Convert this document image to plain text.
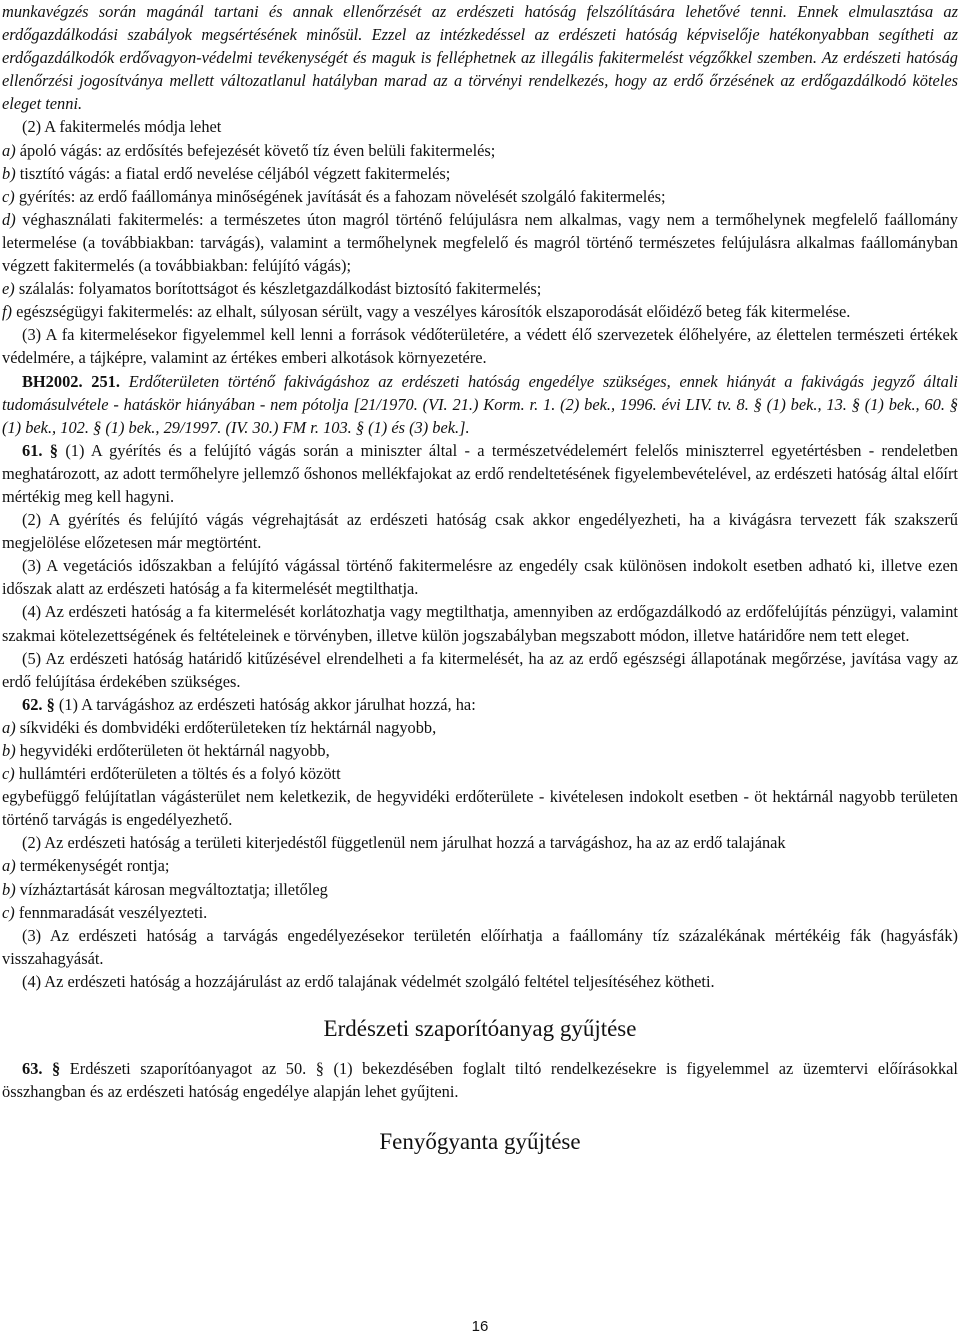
munkavégzés során magánál tartani és annak ellenőrzését az erdészeti hatóság felszólítására lehetővé tenni. Ennek elmulasztása az erdőgazdálkodási szabályok megsértésének minősül. Ezzel az intézkedéssel az erdészeti hatóság képviselője hatékonyabban segítheti az erdőgazdálkodók erdővagyon-védelmi tevékenységét és maguk is felléphetnek az illegális fakitermelést végzőkkel szemben. Az erdészeti hatóság ellenőrzési jogosítványa mellett változatlanul hatályban marad az a törvényi rendelkezés, hogy az erdő őrzésének az erdőgazdálkodó köteles eleget tenni.

(2) A fakitermelés módja lehet

a) ápoló vágás: az erdősítés befejezését követő tíz éven belüli fakitermelés;

b) tisztító vágás: a fiatal erdő nevelése céljából végzett fakitermelés;

c) gyérítés: az erdő faállománya minőségének javítását és a fahozam növelését szolgáló fakitermelés;

d) véghasználati fakitermelés: a természetes úton magról történő felújulásra nem alkalmas, vagy nem a termőhelynek megfelelő faállomány letermelése (a továbbiakban: tarvágás), valamint a termőhelynek megfelelő és magról történő természetes felújulásra alkalmas faállományban végzett fakitermelés (a továbbiakban: felújító vágás);

e) szálalás: folyamatos borítottságot és készletgazdálkodást biztosító fakitermelés;

f) egészségügyi fakitermelés: az elhalt, súlyosan sérült, vagy a veszélyes károsítók elszaporodását előidéző beteg fák kitermelése.

(3) A fa kitermelésekor figyelemmel kell lenni a források védőterületére, a védett élő szervezetek élőhelyére, az élettelen természeti értékek védelmére, a tájképre, valamint az értékes emberi alkotások környezetére.

BH2002. 251. Erdőterületen történő fakivágáshoz az erdészeti hatóság engedélye szükséges, ennek hiányát a fakivágás jegyző általi tudomásulvétele - hatáskör hiányában - nem pótolja [21/1970. (VI. 21.) Korm. r. 1. (2) bek., 1996. évi LIV. tv. 8. § (1) bek., 13. § (1) bek., 60. § (1) bek., 102. § (1) bek., 29/1997. (IV. 30.) FM r. 103. § (1) és (3) bek.].

61. § (1) A gyérítés és a felújító vágás során a miniszter által - a természetvédelemért felelős miniszterrel egyetértésben - rendeletben meghatározott, az adott termőhelyre jellemző őshonos mellékfajokat az erdő rendeltetésének figyelembevételével, az erdészeti hatóság által előírt mértékig meg kell hagyni.

(2) A gyérítés és felújító vágás végrehajtását az erdészeti hatóság csak akkor engedélyezheti, ha a kivágásra tervezett fák szakszerű megjelölése előzetesen már megtörtént.

(3) A vegetációs időszakban a felújító vágással történő fakitermelésre az engedély csak különösen indokolt esetben adható ki, illetve ezen időszak alatt az erdészeti hatóság a fa kitermelését megtilthatja.

(4) Az erdészeti hatóság a fa kitermelését korlátozhatja vagy megtilthatja, amennyiben az erdőgazdálkodó az erdőfelújítás pénzügyi, valamint szakmai kötelezettségének és feltételeinek e törvényben, illetve külön jogszabályban megszabott módon, illetve határidőre nem tett eleget.

(5) Az erdészeti hatóság határidő kitűzésével elrendelheti a fa kitermelését, ha az az erdő egészségi állapotának megőrzése, javítása vagy az erdő felújítása érdekében szükséges.

62. § (1) A tarvágáshoz az erdészeti hatóság akkor járulhat hozzá, ha:

a) síkvidéki és dombvidéki erdőterületeken tíz hektárnál nagyobb,

b) hegyvidéki erdőterületen öt hektárnál nagyobb,

c) hullámtéri erdőterületen a töltés és a folyó között

egybefüggő felújítatlan vágásterület nem keletkezik, de hegyvidéki erdőterülete - kivételesen indokolt esetben - öt hektárnál nagyobb területen történő tarvágás is engedélyezhető.

(2) Az erdészeti hatóság a területi kiterjedéstől függetlenül nem járulhat hozzá a tarvágáshoz, ha az az erdő talajának

a) termékenységét rontja;

b) vízháztartását károsan megváltoztatja; illetőleg

c) fennmaradását veszélyezteti.

(3) Az erdészeti hatóság a tarvágás engedélyezésekor területén előírhatja a faállomány tíz százalékának mértékéig fák (hagyásfák) visszahagyását.

(4) Az erdészeti hatóság a hozzájárulást az erdő talajának védelmét szolgáló feltétel teljesítéséhez kötheti.

Erdészeti szaporítóanyag gyűjtése

63. § Erdészeti szaporítóanyagot az 50. § (1) bekezdésében foglalt tiltó rendelkezésekre is figyelemmel az üzemtervi előírásokkal összhangban és az erdészeti hatóság engedélye alapján lehet gyűjteni.

Fenyőgyanta gyűjtése

16
